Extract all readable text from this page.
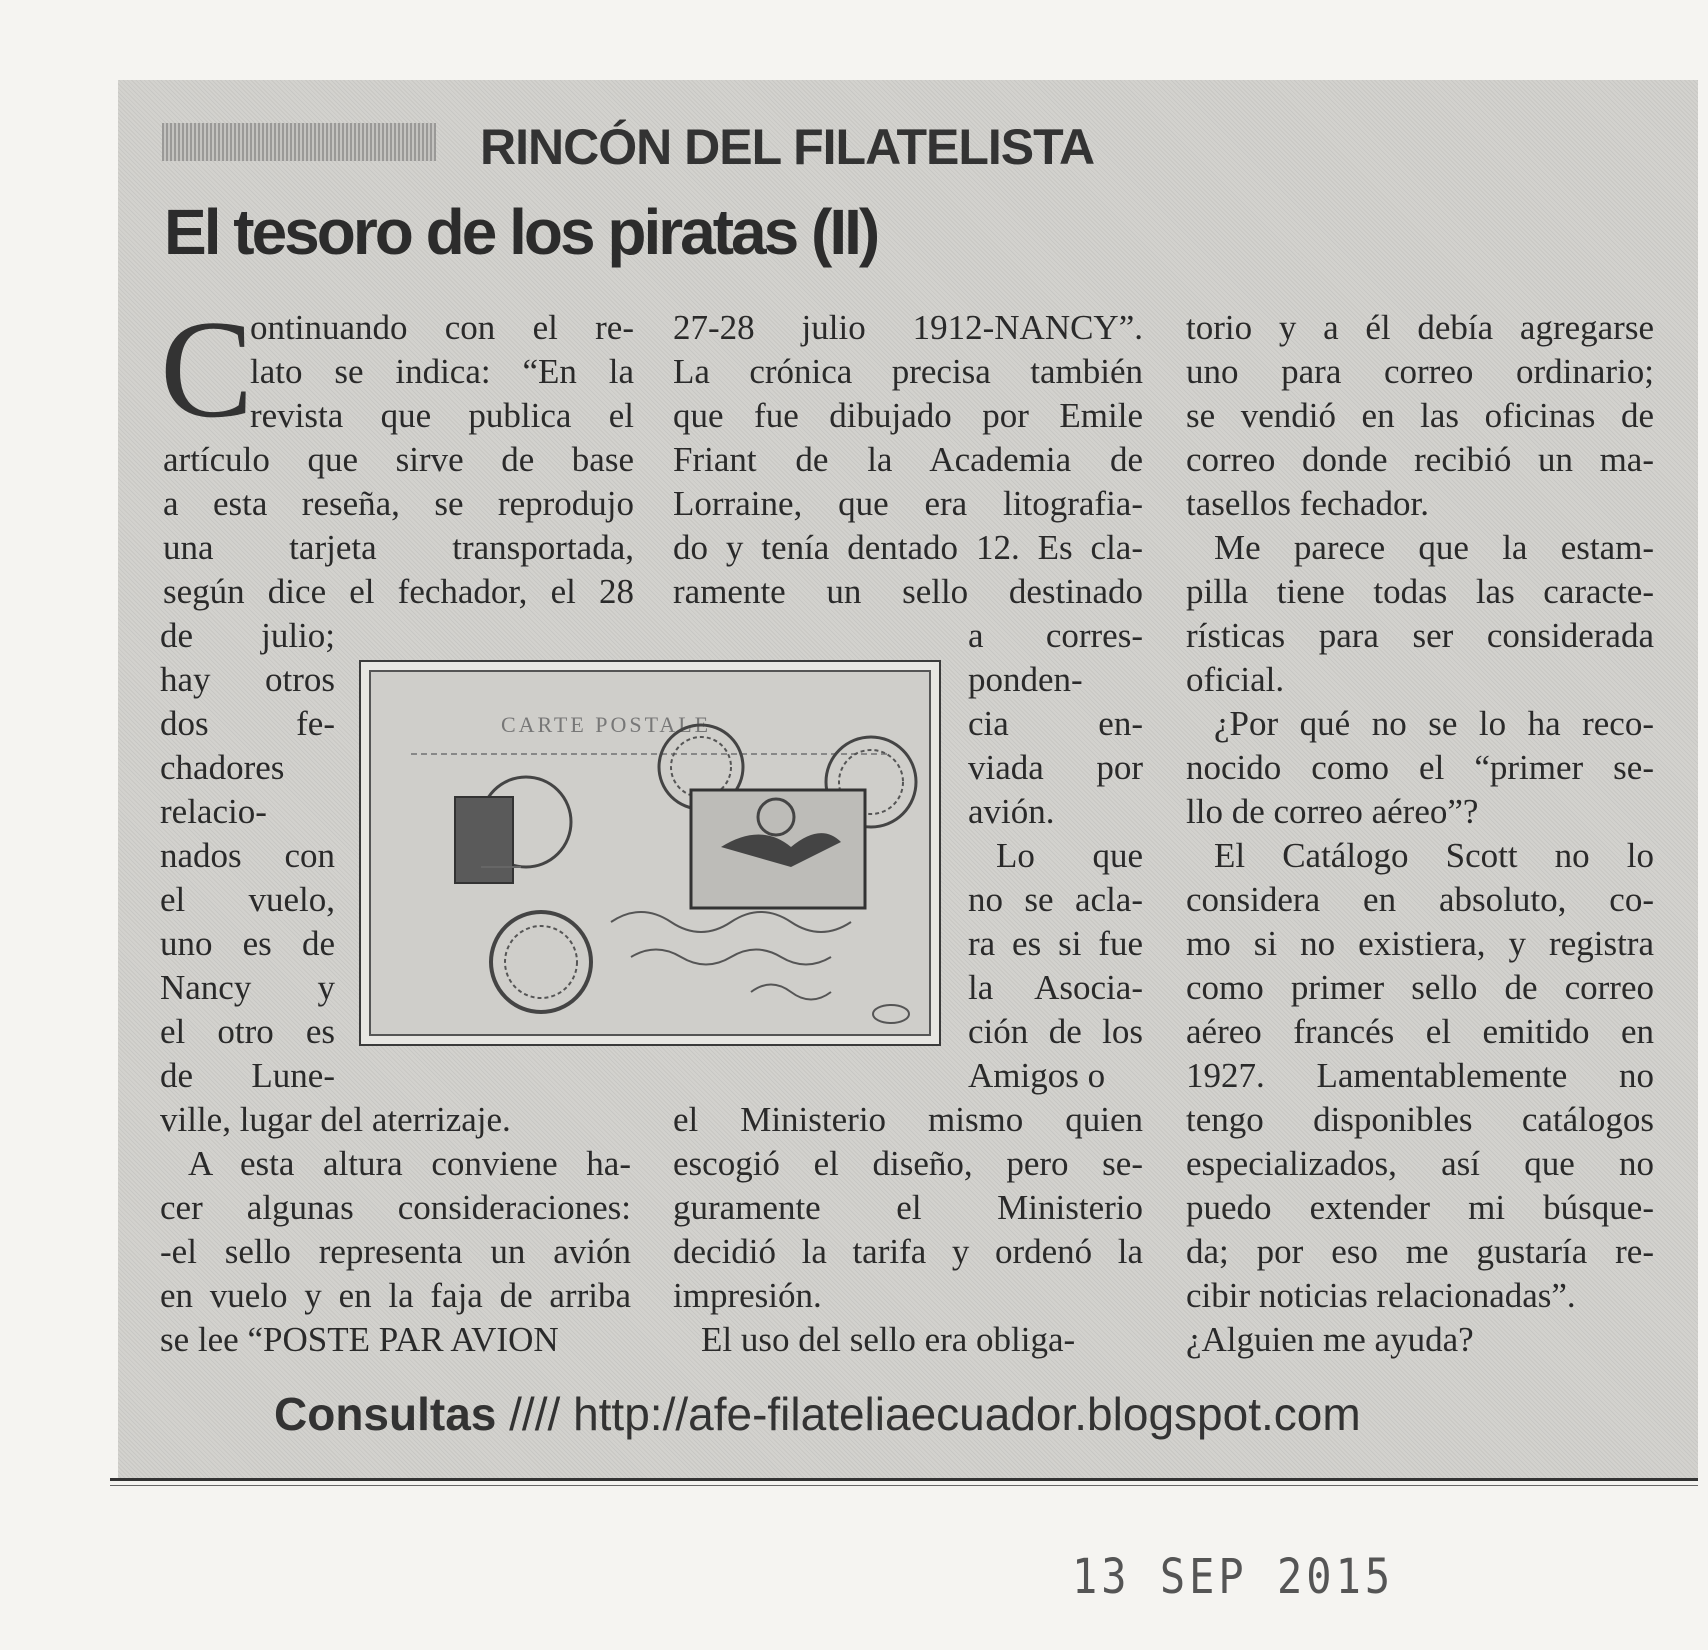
RINCÓN DEL FILATELISTA
El tesoro de los piratas (II)
C
ontinuando con el re-
lato se indica: “En la
revista que publica el
artículo que sirve de base
a esta reseña, se reprodujo
una tarjeta transportada,
según dice el fechador, el 28
de julio;
hay otros
dos fe-
chadores
relacio-
nados con
el vuelo,
uno es de
Nancy y
el otro es
de Lune-
ville, lugar del aterrizaje.
A esta altura conviene ha-
cer algunas consideraciones:
-el sello representa un avión
en vuelo y en la faja de arriba
se lee “POSTE PAR AVION
27-28 julio 1912-NANCY”.
La crónica precisa también
que fue dibujado por Emile
Friant de la Academia de
Lorraine, que era litografia-
do y tenía dentado 12. Es cla-
ramente un sello destinado
a corres-
ponden-
cia en-
viada por
avión.
Lo que
no se acla-
ra es si fue
la Asocia-
ción de los
Amigos o
el Ministerio mismo quien
escogió el diseño, pero se-
guramente el Ministerio
decidió la tarifa y ordenó la
impresión.
El uso del sello era obliga-
torio y a él debía agregarse
uno para correo ordinario;
se vendió en las oficinas de
correo donde recibió un ma-
tasellos fechador.
Me parece que la estam-
pilla tiene todas las caracte-
rísticas para ser considerada
oficial.
¿Por qué no se lo ha reco-
nocido como el “primer se-
llo de correo aéreo”?
El Catálogo Scott no lo
considera en absoluto, co-
mo si no existiera, y registra
como primer sello de correo
aéreo francés el emitido en
1927. Lamentablemente no
tengo disponibles catálogos
especializados, así que no
puedo extender mi búsque-
da; por eso me gustaría re-
cibir noticias relacionadas”.
¿Alguien me ayuda?
CARTE POSTALE
Consultas //// http://afe-filateliaecuador.blogspot.com
13 SEP 2015
